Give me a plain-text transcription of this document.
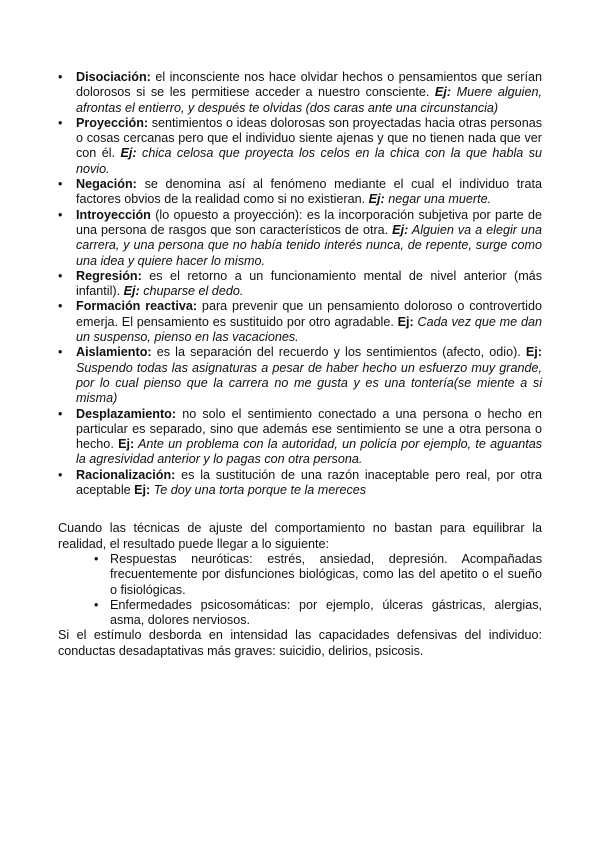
• Disociación: el inconsciente nos hace olvidar hechos o pensamientos que serían dolorosos si se les permitiese acceder a nuestro consciente. Ej: Muere alguien, afrontas el entierro, y después te olvidas (dos caras ante una circunstancia)
• Proyección: sentimientos o ideas dolorosas son proyectadas hacia otras personas o cosas cercanas pero que el individuo siente ajenas y que no tienen nada que ver con él. Ej: chica celosa que proyecta los celos en la chica con la que habla su novio.
• Negación: se denomina así al fenómeno mediante el cual el individuo trata factores obvios de la realidad como si no existieran. Ej: negar una muerte.
• Introyección (lo opuesto a proyección): es la incorporación subjetiva por parte de una persona de rasgos que son característicos de otra. Ej: Alguien va a elegir una carrera, y una persona que no había tenido interés nunca, de repente, surge como una idea y quiere hacer lo mismo.
• Regresión: es el retorno a un funcionamiento mental de nivel anterior (más infantil). Ej: chuparse el dedo.
• Formación reactiva: para prevenir que un pensamiento doloroso o controvertido emerja. El pensamiento es sustituido por otro agradable. Ej: Cada vez que me dan un suspenso, pienso en las vacaciones.
• Aislamiento: es la separación del recuerdo y los sentimientos (afecto, odio). Ej: Suspendo todas las asignaturas a pesar de haber hecho un esfuerzo muy grande, por lo cual pienso que la carrera no me gusta y es una tontería(se miente a si misma)
• Desplazamiento: no solo el sentimiento conectado a una persona o hecho en particular es separado, sino que además ese sentimiento se une a otra persona o hecho. Ej: Ante un problema con la autoridad, un policía por ejemplo, te aguantas la agresividad anterior y lo pagas con otra persona.
• Racionalización: es la sustitución de una razón inaceptable pero real, por otra aceptable Ej: Te doy una torta porque te la mereces

Cuando las técnicas de ajuste del comportamiento no bastan para equilibrar la realidad, el resultado puede llegar a lo siguiente:

• Respuestas neuróticas: estrés, ansiedad, depresión. Acompañadas frecuentemente por disfunciones biológicas, como las del apetito o el sueño o fisiológicas.
• Enfermedades psicosomáticas: por ejemplo, úlceras gástricas, alergias, asma, dolores nerviosos.

Si el estímulo desborda en intensidad las capacidades defensivas del individuo: conductas desadaptativas más graves: suicidio, delirios, psicosis.
